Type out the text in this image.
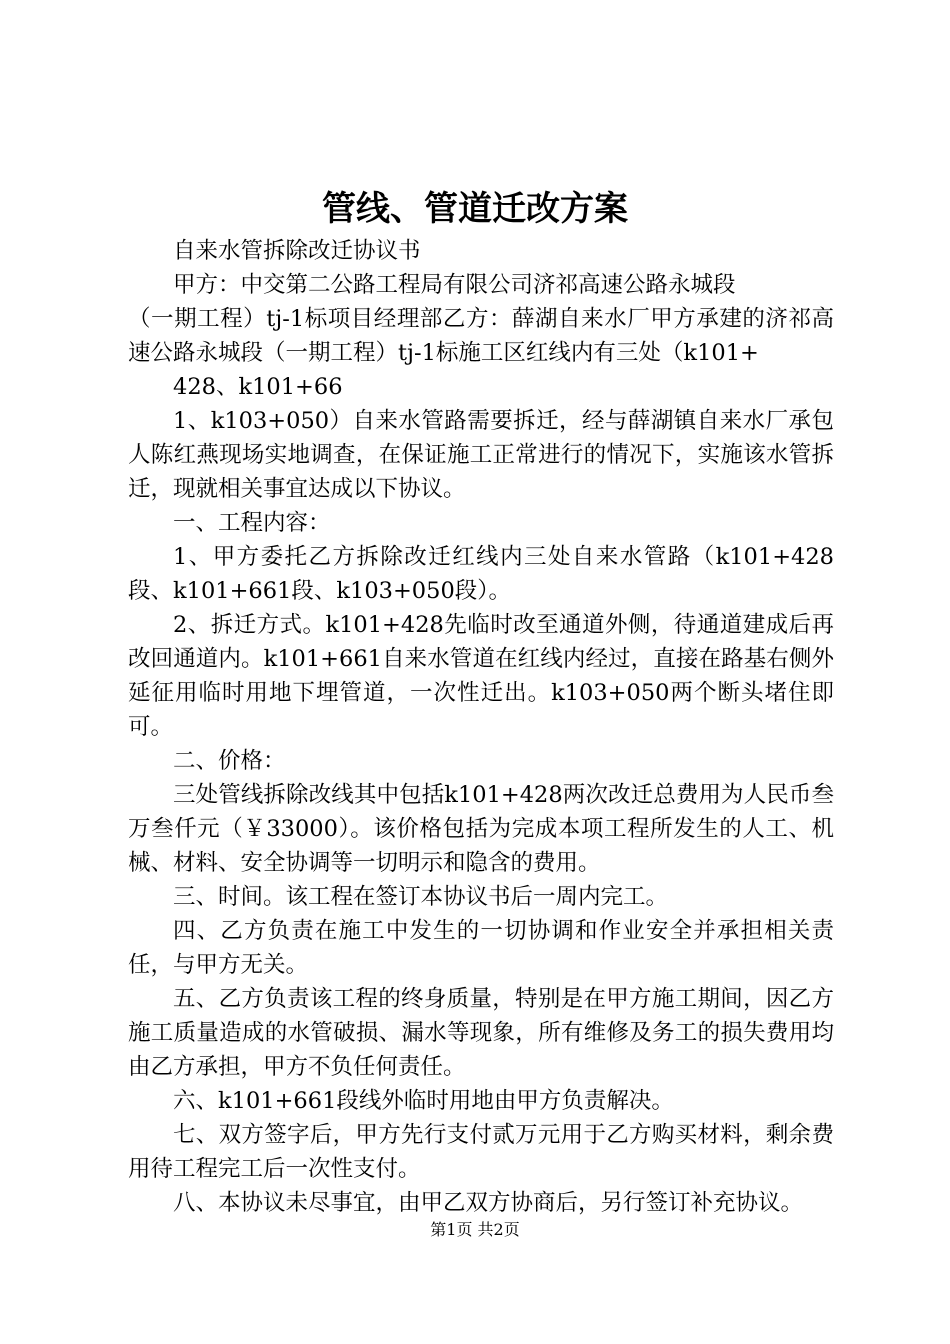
管线、管道迁改方案

自来水管拆除改迁协议书

甲方：中交第二公路工程局有限公司济祁高速公路永城段

（一期工程）tj-1标项目经理部乙方：薛湖自来水厂甲方承建的济祁高速公路永城段（一期工程）tj-1标施工区红线内有三处（k101+

428、k101+66

1、k103+050）自来水管路需要拆迁，经与薛湖镇自来水厂承包人陈红燕现场实地调查，在保证施工正常进行的情况下，实施该水管拆迁，现就相关事宜达成以下协议。

一、工程内容：

1、甲方委托乙方拆除改迁红线内三处自来水管路（k101+428段、k101+661段、k103+050段）。

2、拆迁方式。k101+428先临时改至通道外侧，待通道建成后再改回通道内。k101+661自来水管道在红线内经过，直接在路基右侧外延征用临时用地下埋管道，一次性迁出。k103+050两个断头堵住即可。

二、价格：

三处管线拆除改线其中包括k101+428两次改迁总费用为人民币叁万叁仟元（￥33000）。该价格包括为完成本项工程所发生的人工、机械、材料、安全协调等一切明示和隐含的费用。

三、时间。该工程在签订本协议书后一周内完工。

四、乙方负责在施工中发生的一切协调和作业安全并承担相关责任，与甲方无关。

五、乙方负责该工程的终身质量，特别是在甲方施工期间，因乙方施工质量造成的水管破损、漏水等现象，所有维修及务工的损失费用均由乙方承担，甲方不负任何责任。

六、k101+661段线外临时用地由甲方负责解决。

七、双方签字后，甲方先行支付贰万元用于乙方购买材料，剩余费用待工程完工后一次性支付。

八、本协议未尽事宜，由甲乙双方协商后，另行签订补充协议。

第1页 共2页
